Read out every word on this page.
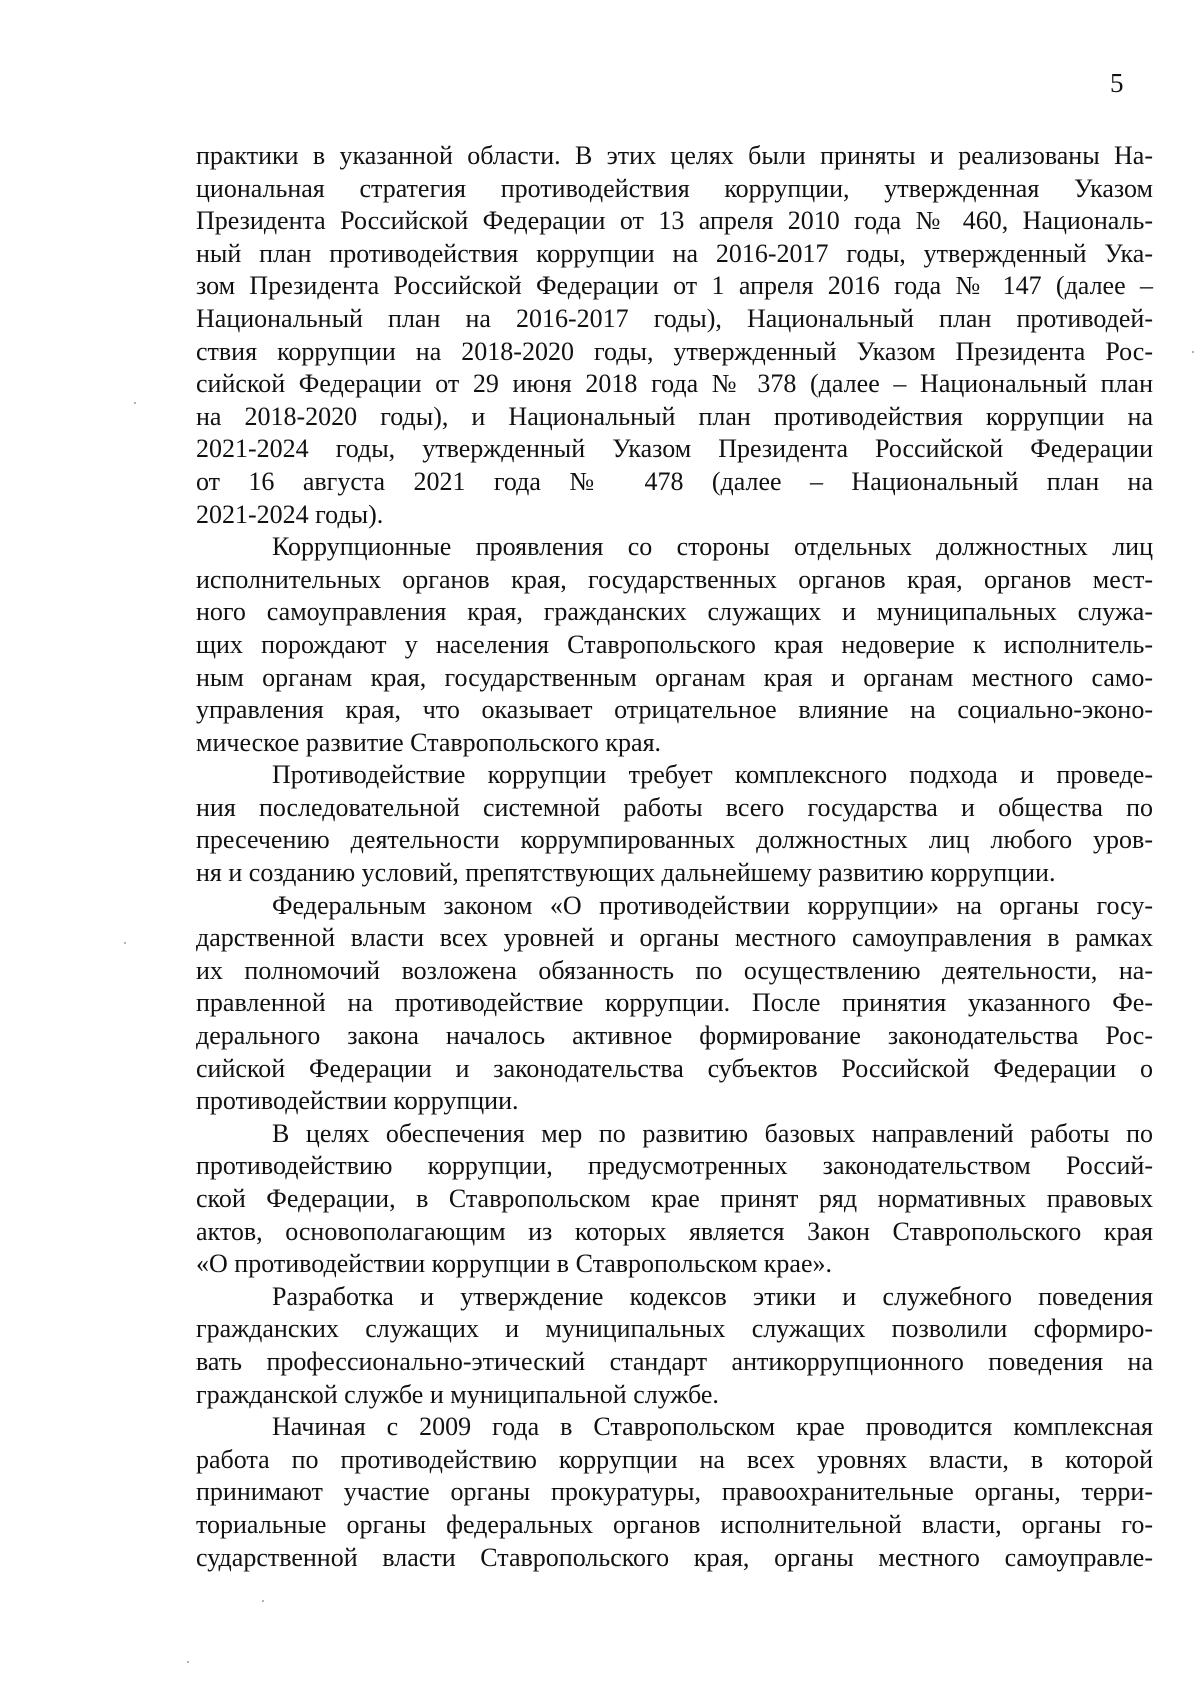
5

практики в указанной области. В этих целях были приняты и реализованы На-
циональная стратегия противодействия коррупции, утвержденная Указом
Президента Российской Федерации от 13 апреля 2010 года № 460, Националь-
ный план противодействия коррупции на 2016-2017 годы, утвержденный Ука-
зом Президента Российской Федерации от 1 апреля 2016 года № 147 (далее –
Национальный план на 2016-2017 годы), Национальный план противодей-
ствия коррупции на 2018-2020 годы, утвержденный Указом Президента Рос-
сийской Федерации от 29 июня 2018 года № 378 (далее – Национальный план
на 2018-2020 годы), и Национальный план противодействия коррупции на
2021-2024 годы, утвержденный Указом Президента Российской Федерации
от 16 августа 2021 года № 478 (далее – Национальный план на
2021-2024 годы).

Коррупционные проявления со стороны отдельных должностных лиц
исполнительных органов края, государственных органов края, органов мест-
ного самоуправления края, гражданских служащих и муниципальных служа-
щих порождают у населения Ставропольского края недоверие к исполнитель-
ным органам края, государственным органам края и органам местного само-
управления края, что оказывает отрицательное влияние на социально-эконо-
мическое развитие Ставропольского края.

Противодействие коррупции требует комплексного подхода и проведе-
ния последовательной системной работы всего государства и общества по
пресечению деятельности коррумпированных должностных лиц любого уров-
ня и созданию условий, препятствующих дальнейшему развитию коррупции.

Федеральным законом «О противодействии коррупции» на органы госу-
дарственной власти всех уровней и органы местного самоуправления в рамках
их полномочий возложена обязанность по осуществлению деятельности, на-
правленной на противодействие коррупции. После принятия указанного Фе-
дерального закона началось активное формирование законодательства Рос-
сийской Федерации и законодательства субъектов Российской Федерации о
противодействии коррупции.

В целях обеспечения мер по развитию базовых направлений работы по
противодействию коррупции, предусмотренных законодательством Россий-
ской Федерации, в Ставропольском крае принят ряд нормативных правовых
актов, основополагающим из которых является Закон Ставропольского края
«О противодействии коррупции в Ставропольском крае».

Разработка и утверждение кодексов этики и служебного поведения
гражданских служащих и муниципальных служащих позволили сформиро-
вать профессионально-этический стандарт антикоррупционного поведения на
гражданской службе и муниципальной службе.

Начиная с 2009 года в Ставропольском крае проводится комплексная
работа по противодействию коррупции на всех уровнях власти, в которой
принимают участие органы прокуратуры, правоохранительные органы, терри-
ториальные органы федеральных органов исполнительной власти, органы го-
сударственной власти Ставропольского края, органы местного самоуправле-
